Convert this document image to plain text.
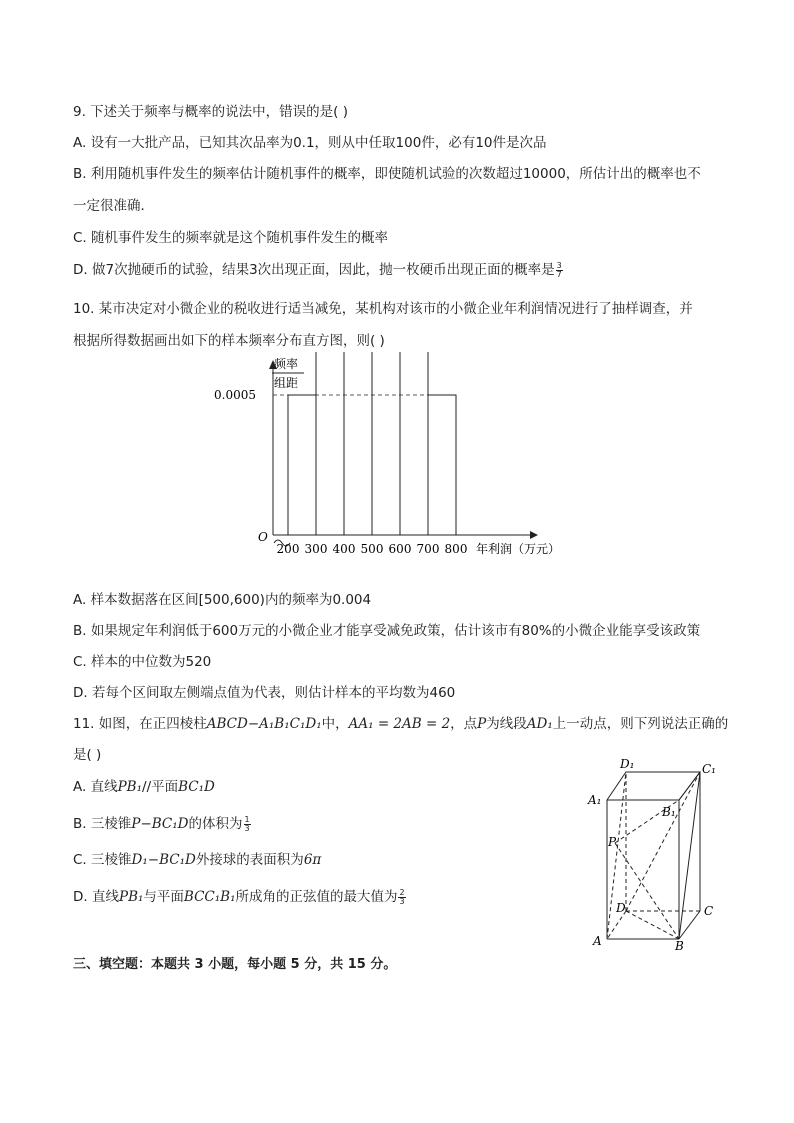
9. 下述关于频率与概率的说法中，错误的是( )
A. 设有一大批产品，已知其次品率为0.1，则从中任取100件，必有10件是次品
B. 利用随机事件发生的频率估计随机事件的概率，即使随机试验的次数超过10000，所估计出的概率也不
一定很准确．
C. 随机事件发生的频率就是这个随机事件发生的概率
D. 做7次抛硬币的试验，结果3次出现正面，因此，抛一枚硬币出现正面的概率是 $\frac{3}{7}$
10. 某市决定对小微企业的税收进行适当减免，某机构对该市的小微企业年利润情况进行了抽样调查，并
根据所得数据画出如下的样本频率分布直方图，则( )
频率
组距
O
0.0005
200 300 400 500 600 700 800 年利润（万元）
A. 样本数据落在区间[500,600)内的频率为0.004
B. 如果规定年利润低于600万元的小微企业才能享受减免政策，估计该市有80%的小微企业能享受该政策
C. 样本的中位数为520
D. 若每个区间取左侧端点值为代表，则估计样本的平均数为460
11. 如图，在正四棱柱ABCD−A₁B₁C₁D₁中，AA₁ = 2AB = 2，点P为线段AD₁上一动点，则下列说法正确的
是( )
A. 直线PB₁//平面BC₁D
B. 三棱锥P−BC₁D的体积为 $\frac{1}{3}$
C. 三棱锥D₁−BC₁D外接球的表面积为6π
D. 直线PB₁与平面BCC₁B₁所成角的正弦值的最大值为 $\frac{2}{3}$
D₁	C₁
A₁
B₁
P
D	C
A	B
三、填空题：本题共 3 小题，每小题 5 分，共 15 分。
